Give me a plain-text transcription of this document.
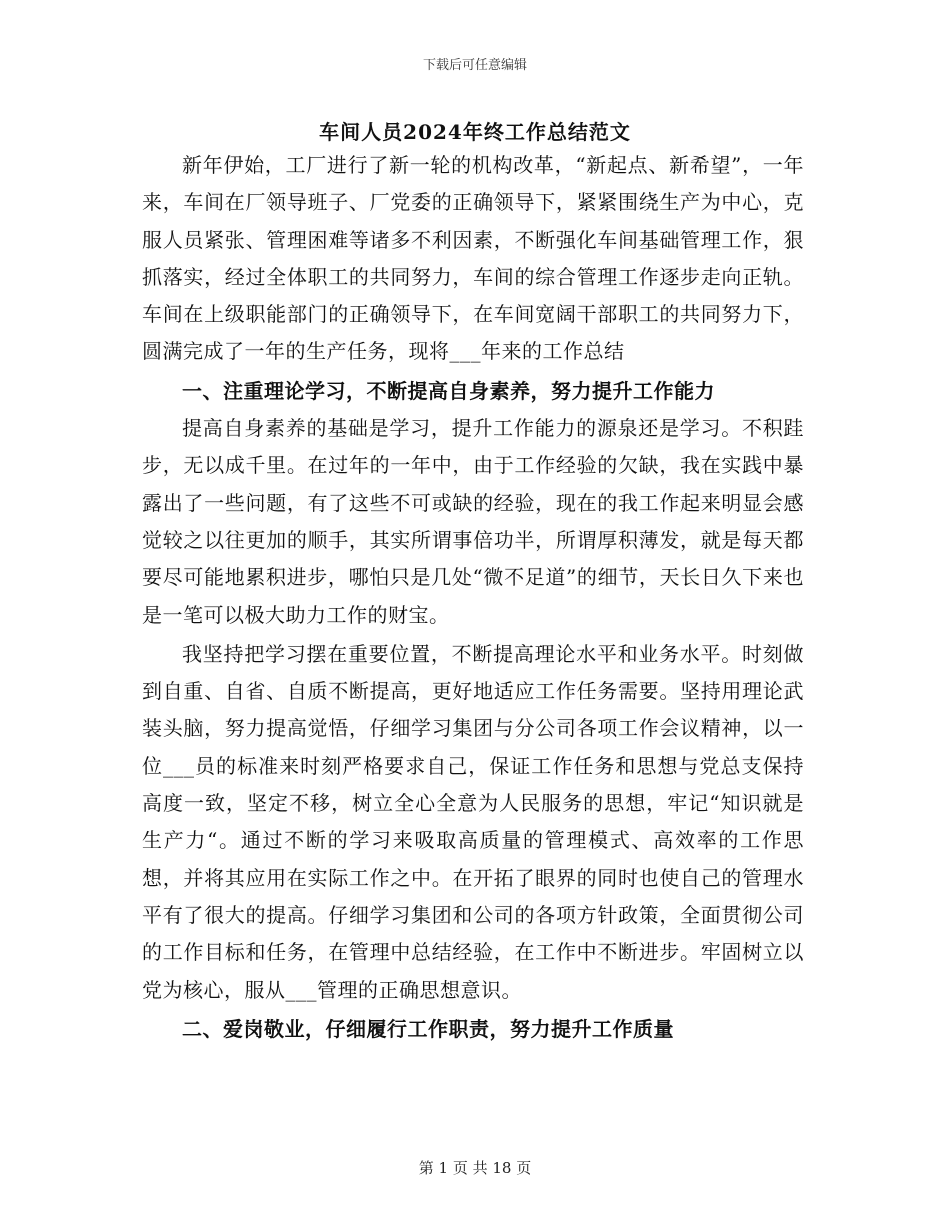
下载后可任意编辑
车间人员2024年终工作总结范文

新年伊始，工厂进行了新一轮的机构改革，“新起点、新希望”，一年来，车间在厂领导班子、厂党委的正确领导下，紧紧围绕生产为中心，克服人员紧张、管理困难等诸多不利因素，不断强化车间基础管理工作，狠抓落实，经过全体职工的共同努力，车间的综合管理工作逐步走向正轨。车间在上级职能部门的正确领导下，在车间宽阔干部职工的共同努力下，圆满完成了一年的生产任务，现将___年来的工作总结

一、注重理论学习，不断提高自身素养，努力提升工作能力

提高自身素养的基础是学习，提升工作能力的源泉还是学习。不积跬步，无以成千里。在过年的一年中，由于工作经验的欠缺，我在实践中暴露出了一些问题，有了这些不可或缺的经验，现在的我工作起来明显会感觉较之以往更加的顺手，其实所谓事倍功半，所谓厚积薄发，就是每天都要尽可能地累积进步，哪怕只是几处“微不足道”的细节，天长日久下来也是一笔可以极大助力工作的财宝。

我坚持把学习摆在重要位置，不断提高理论水平和业务水平。时刻做到自重、自省、自质不断提高，更好地适应工作任务需要。坚持用理论武装头脑，努力提高觉悟，仔细学习集团与分公司各项工作会议精神，以一位___员的标准来时刻严格要求自己，保证工作任务和思想与党总支保持高度一致，坚定不移，树立全心全意为人民服务的思想，牢记“知识就是生产力“。通过不断的学习来吸取高质量的管理模式、高效率的工作思想，并将其应用在实际工作之中。在开拓了眼界的同时也使自己的管理水平有了很大的提高。仔细学习集团和公司的各项方针政策，全面贯彻公司的工作目标和任务，在管理中总结经验，在工作中不断进步。牢固树立以党为核心，服从___管理的正确思想意识。

二、爱岗敬业，仔细履行工作职责，努力提升工作质量

第 1 页 共 18 页
